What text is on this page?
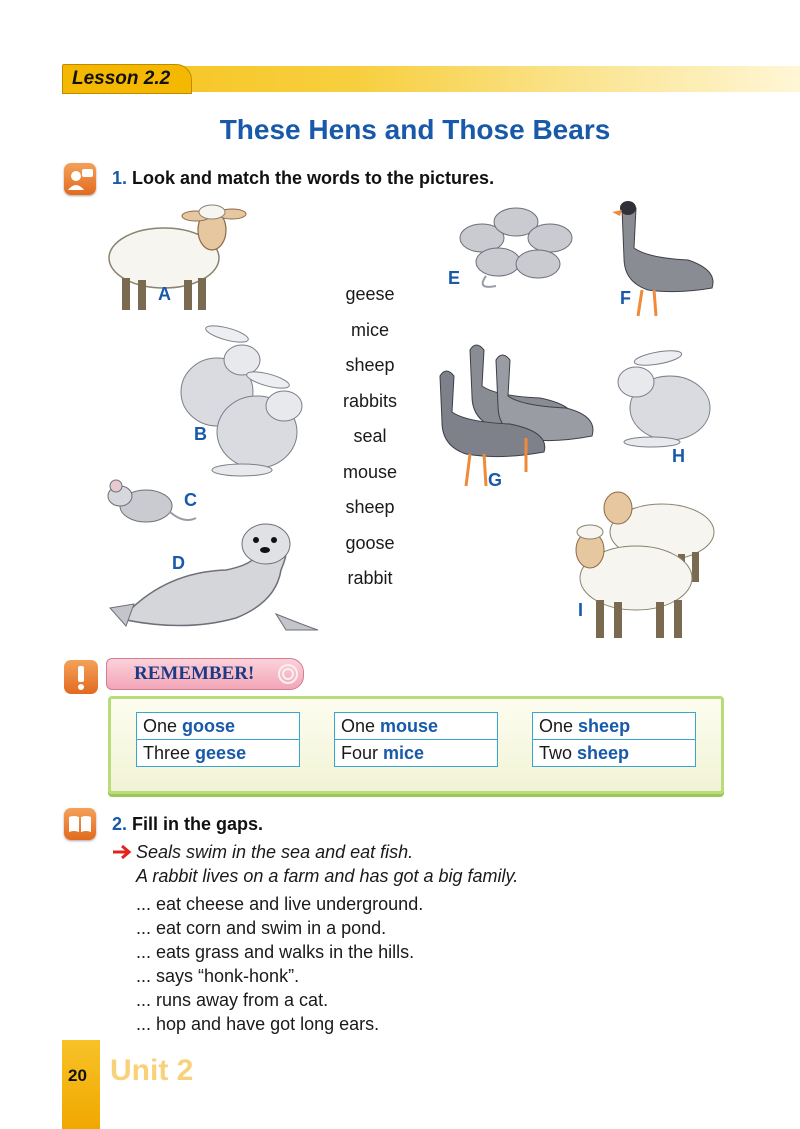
Lesson 2.2
These Hens and Those Bears
1. Look and match the words to the pictures.
geese
mice
sheep
rabbits
seal
mouse
sheep
goose
rabbit
A
B
C
D
E
F
G
H
I
REMEMBER!
One goose
Three geese
One mouse
Four mice
One sheep
Two sheep
2. Fill in the gaps.
Seals swim in the sea and eat fish.
A rabbit lives on a farm and has got a big family.
... eat cheese and live underground.
... eat corn and swim in a pond.
... eats grass and walks in the hills.
... says “honk-honk”.
... runs away from a cat.
... hop and have got long ears.
20 Unit 2
